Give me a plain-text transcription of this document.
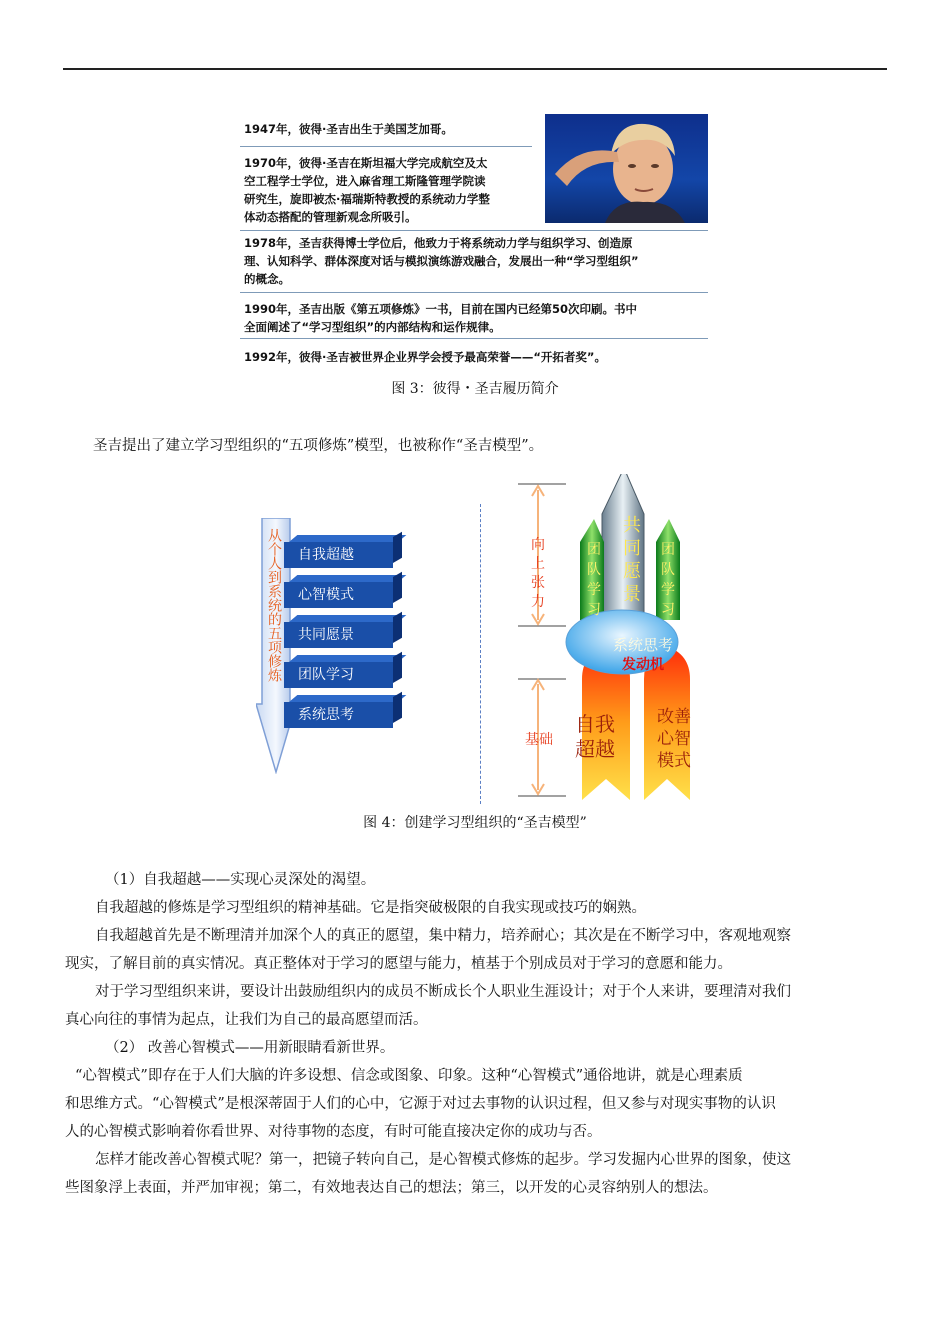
1947年，彼得·圣吉出生于美国芝加哥。
1970年，彼得·圣吉在斯坦福大学完成航空及太
空工程学士学位，进入麻省理工斯隆管理学院读
研究生，旋即被杰·福瑞斯特教授的系统动力学整
体动态搭配的管理新观念所吸引。
1978年，圣吉获得博士学位后，他致力于将系统动力学与组织学习、创造原
理、认知科学、群体深度对话与模拟演练游戏融合，发展出一种“学习型组织”
的概念。
1990年，圣吉出版《第五项修炼》一书，目前在国内已经第50次印刷。书中
全面阐述了“学习型组织”的内部结构和运作规律。
1992年，彼得·圣吉被世界企业界学会授予最高荣誉——“开拓者奖”。
图 3：彼得・圣吉履历简介
圣吉提出了建立学习型组织的“五项修炼”模型，也被称作“圣吉模型”。
从个人到系统的五项修炼	自我超越
心智模式
共同愿景
团队学习
系统思考
向上张力
基础
共同愿景
团队学习
团队学习
系统思考
发动机
自我超越
改善心智模式
图 4：创建学习型组织的“圣吉模型”
（1）自我超越——实现心灵深处的渴望。
自我超越的修炼是学习型组织的精神基础。它是指突破极限的自我实现或技巧的娴熟。
自我超越首先是不断理清并加深个人的真正的愿望，集中精力，培养耐心；其次是在不断学习中，客观地观察
现实，了解目前的真实情况。真正整体对于学习的愿望与能力，植基于个别成员对于学习的意愿和能力。
对于学习型组织来讲，要设计出鼓励组织内的成员不断成长个人职业生涯设计；对于个人来讲，要理清对我们
真心向往的事情为起点，让我们为自己的最高愿望而活。
（2） 改善心智模式——用新眼睛看新世界。
“心智模式”即存在于人们大脑的许多设想、信念或图象、印象。这种“心智模式”通俗地讲，就是心理素质
和思维方式。“心智模式”是根深蒂固于人们的心中，它源于对过去事物的认识过程，但又参与对现实事物的认识
人的心智模式影响着你看世界、对待事物的态度，有时可能直接决定你的成功与否。
怎样才能改善心智模式呢？第一，把镜子转向自己，是心智模式修炼的起步。学习发掘内心世界的图象，使这
些图象浮上表面，并严加审视；第二，有效地表达自己的想法；第三，以开发的心灵容纳别人的想法。
